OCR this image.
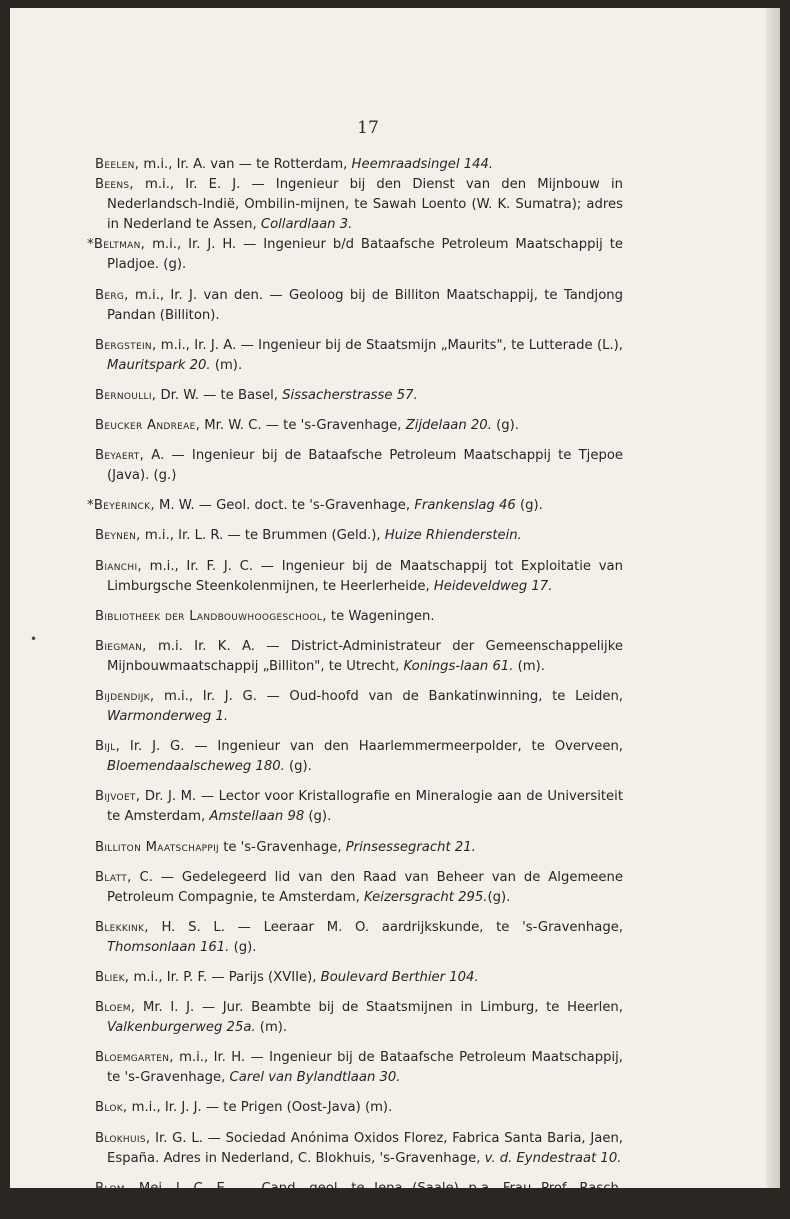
17
•
Beelen, m.i., Ir. A. van — te Rotterdam, Heemraadsingel 144.
Beens, m.i., Ir. E. J. — Ingenieur bij den Dienst van den Mijnbouw in Nederlandsch-Indië, Ombilin-mijnen, te Sawah Loento (W. K. Sumatra); adres in Nederland te Assen, Collardlaan 3.
*Beltman, m.i., Ir. J. H. — Ingenieur b/d Bataafsche Petroleum Maatschappij te Pladjoe. (g).
Berg, m.i., Ir. J. van den. — Geoloog bij de Billiton Maatschappij, te Tandjong Pandan (Billiton).
Bergstein, m.i., Ir. J. A. — Ingenieur bij de Staatsmijn „Maurits", te Lutterade (L.), Mauritspark 20. (m).
Bernoulli, Dr. W. — te Basel, Sissacherstrasse 57.
Beucker Andreae, Mr. W. C. — te 's-Gravenhage, Zijdelaan 20. (g).
Beyaert, A. — Ingenieur bij de Bataafsche Petroleum Maatschappij te Tjepoe (Java). (g.)
*Beyerinck, M. W. — Geol. doct. te 's-Gravenhage, Frankenslag 46 (g).
Beynen, m.i., Ir. L. R. — te Brummen (Geld.), Huize Rhienderstein.
Bianchi, m.i., Ir. F. J. C. — Ingenieur bij de Maatschappij tot Exploitatie van Limburgsche Steenkolenmijnen, te Heerlerheide, Heideveldweg 17.
Bibliotheek der Landbouwhoogeschool, te Wageningen.
Biegman, m.i. Ir. K. A. — District-Administrateur der Gemeenschappelijke Mijnbouwmaatschappij „Billiton", te Utrecht, Konings-laan 61. (m).
Bijdendijk, m.i., Ir. J. G. — Oud-hoofd van de Bankatinwinning, te Leiden, Warmonderweg 1.
Bijl, Ir. J. G. — Ingenieur van den Haarlemmermeerpolder, te Overveen, Bloemendaalscheweg 180. (g).
Bijvoet, Dr. J. M. — Lector voor Kristallografie en Mineralogie aan de Universiteit te Amsterdam, Amstellaan 98 (g).
Billiton Maatschappij te 's-Gravenhage, Prinsessegracht 21.
Blatt, C. — Gedelegeerd lid van den Raad van Beheer van de Algemeene Petroleum Compagnie, te Amsterdam, Keizersgracht 295.(g).
Blekkink, H. S. L. — Leeraar M. O. aardrijkskunde, te 's-Gravenhage, Thomsonlaan 161. (g).
Bliek, m.i., Ir. P. F. — Parijs (XVIIe), Boulevard Berthier 104.
Bloem, Mr. I. J. — Jur. Beambte bij de Staatsmijnen in Limburg, te Heerlen, Valkenburgerweg 25a. (m).
Bloemgarten, m.i., Ir. H. — Ingenieur bij de Bataafsche Petroleum Maatschappij, te 's-Gravenhage, Carel van Bylandtlaan 30.
Blok, m.i., Ir. J. J. — te Prigen (Oost-Java) (m).
Blokhuis, Ir. G. L. — Sociedad Anónima Oxidos Florez, Fabrica Santa Baria, Jaen, España. Adres in Nederland, C. Blokhuis, 's-Gravenhage, v. d. Eyndestraat 10.
Blom, Mej. J. C. E. — Cand. geol. te Jena (Saale) p.a. Frau Prof. Rasch, Beethovenstr. 3¹¹. (g).
